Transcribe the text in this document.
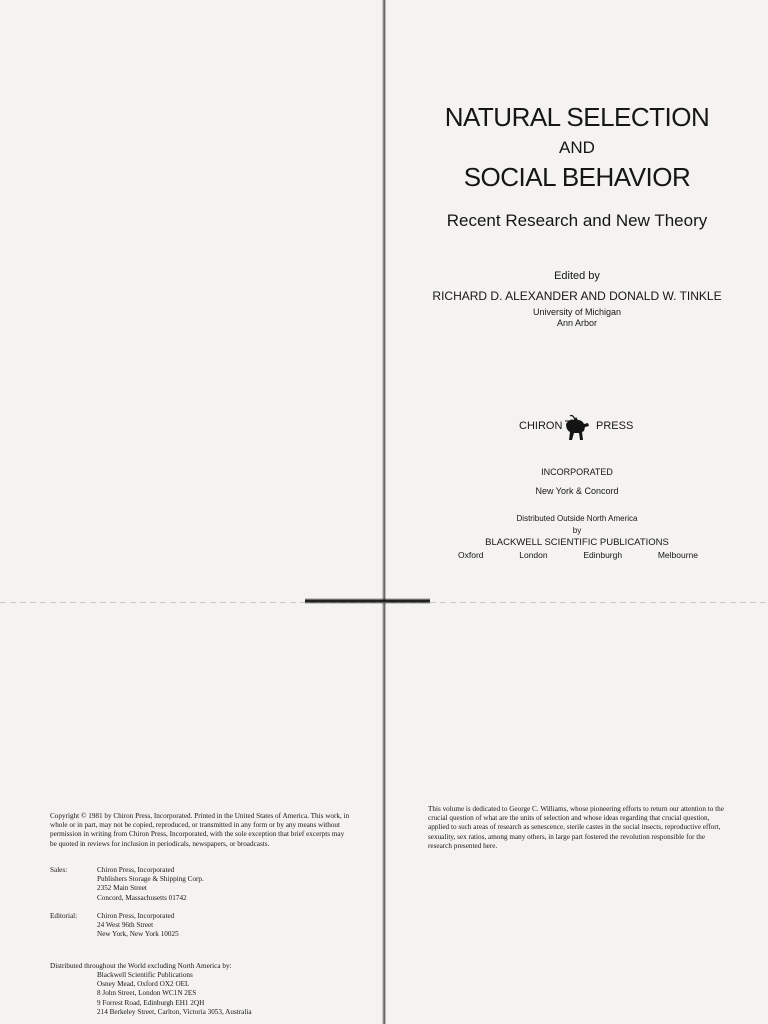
NATURAL SELECTION
AND
SOCIAL BEHAVIOR
Recent Research and New Theory
Edited by
RICHARD D. ALEXANDER AND DONALD W. TINKLE
University of Michigan
Ann Arbor
CHIRON	PRESS
INCORPORATED
New York & Concord
Distributed Outside North America
by
BLACKWELL SCIENTIFIC PUBLICATIONS
Oxford	London	Edinburgh	Melbourne
Copyright © 1981 by Chiron Press, Incorporated. Printed in the United States of America. This work, in whole or in part, may not be copied, reproduced, or transmitted in any form or by any means without permission in writing from Chiron Press, Incorporated, with the sole exception that brief excerpts may be quoted in reviews for inclusion in periodicals, newspapers, or broadcasts.
Sales:	Chiron Press, Incorporated
Publishers Storage & Shipping Corp.
2352 Main Street
Concord, Massachusetts 01742
Editorial:	Chiron Press, Incorporated
24 West 96th Street
New York, New York 10025
Distributed throughout the World excluding North America by:
Blackwell Scientific Publications
Osney Mead, Oxford OX2 OEL
8 John Street, London WC1N 2ES
9 Forrest Road, Edinburgh EH1 2QH
214 Berkeley Street, Carlton, Victoria 3053, Australia
This volume is dedicated to George C. Williams, whose pioneering efforts to return our attention to the crucial question of what are the units of selection and whose ideas regarding that crucial question, applied to such areas of research as senescence, sterile castes in the social insects, reproductive effort, sexuality, sex ratios, among many others, in large part fostered the revolution responsible for the research presented here.
